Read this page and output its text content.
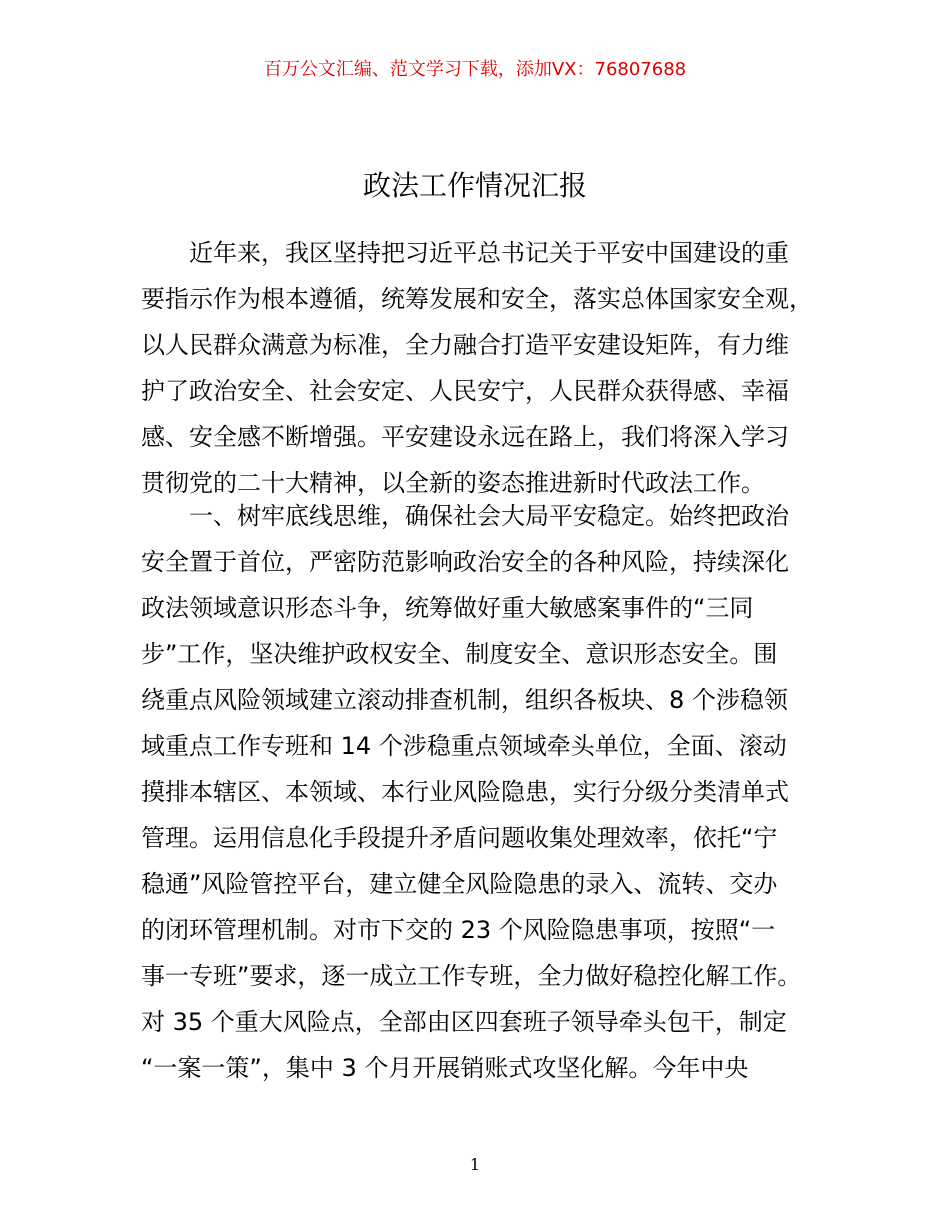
百万公文汇编、范文学习下载，添加VX：76807688
政法工作情况汇报
　　近年来，我区坚持把习近平总书记关于平安中国建设的重
要指示作为根本遵循，统筹发展和安全，落实总体国家安全观，
以人民群众满意为标准，全力融合打造平安建设矩阵，有力维
护了政治安全、社会安定、人民安宁，人民群众获得感、幸福
感、安全感不断增强。平安建设永远在路上，我们将深入学习
贯彻党的二十大精神，以全新的姿态推进新时代政法工作。
　　一、树牢底线思维，确保社会大局平安稳定。始终把政治
安全置于首位，严密防范影响政治安全的各种风险，持续深化
政法领域意识形态斗争，统筹做好重大敏感案事件的“三同
步”工作，坚决维护政权安全、制度安全、意识形态安全。围
绕重点风险领域建立滚动排查机制，组织各板块、8 个涉稳领
域重点工作专班和 14 个涉稳重点领域牵头单位，全面、滚动
摸排本辖区、本领域、本行业风险隐患，实行分级分类清单式
管理。运用信息化手段提升矛盾问题收集处理效率，依托“宁
稳通”风险管控平台，建立健全风险隐患的录入、流转、交办
的闭环管理机制。对市下交的 23 个风险隐患事项，按照“一
事一专班”要求，逐一成立工作专班，全力做好稳控化解工作。
对 35 个重大风险点，全部由区四套班子领导牵头包干，制定
“一案一策”，集中 3 个月开展销账式攻坚化解。今年中央
1
